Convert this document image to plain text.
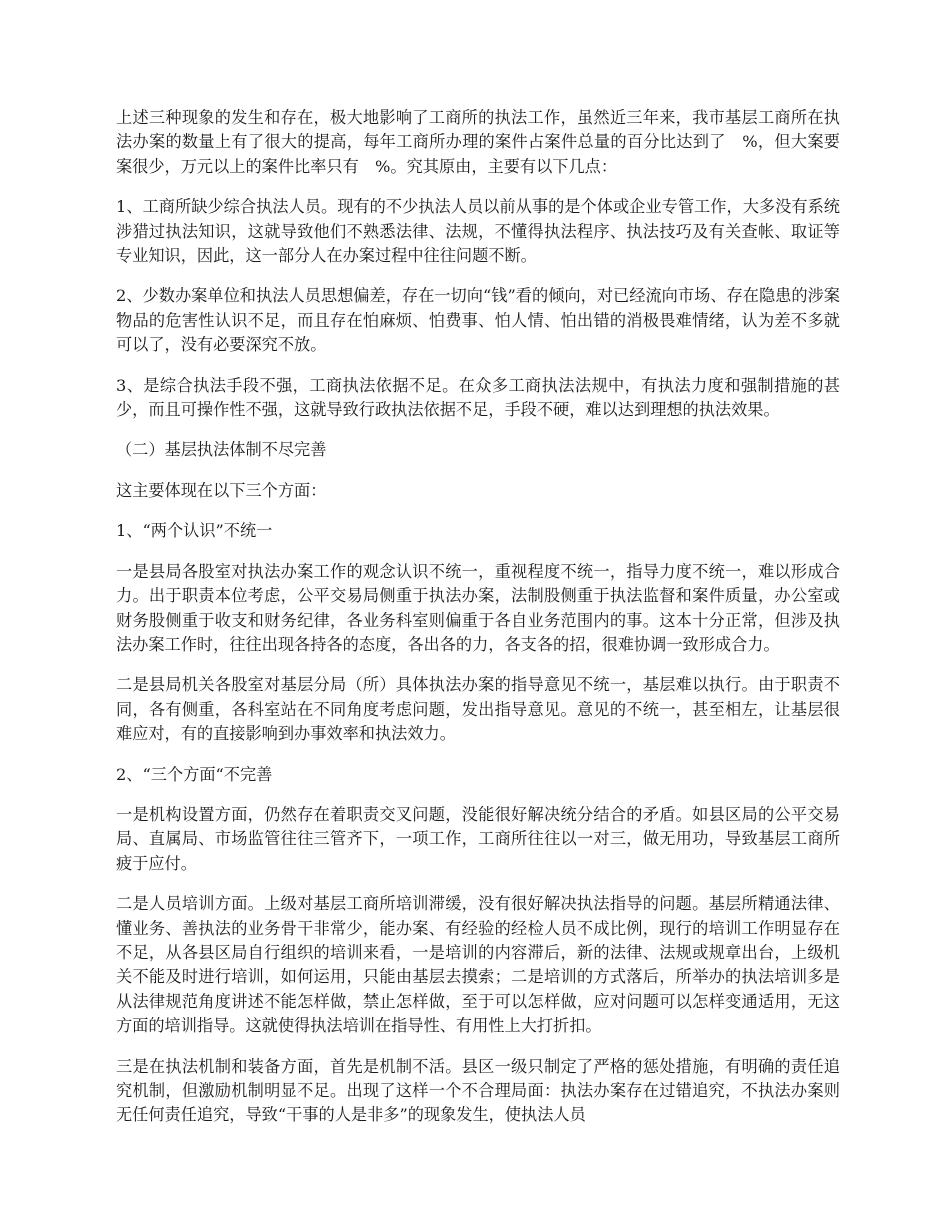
上述三种现象的发生和存在，极大地影响了工商所的执法工作，虽然近三年来，我市基层工商所在执法办案的数量上有了很大的提高，每年工商所办理的案件占案件总量的百分比达到了　%，但大案要案很少，万元以上的案件比率只有　%。究其原由，主要有以下几点：

1、工商所缺少综合执法人员。现有的不少执法人员以前从事的是个体或企业专管工作，大多没有系统涉猎过执法知识，这就导致他们不熟悉法律、法规，不懂得执法程序、执法技巧及有关查帐、取证等专业知识，因此，这一部分人在办案过程中往往问题不断。

2、少数办案单位和执法人员思想偏差，存在一切向“钱”看的倾向，对已经流向市场、存在隐患的涉案物品的危害性认识不足，而且存在怕麻烦、怕费事、怕人情、怕出错的消极畏难情绪，认为差不多就可以了，没有必要深究不放。

3、是综合执法手段不强，工商执法依据不足。在众多工商执法法规中，有执法力度和强制措施的甚少，而且可操作性不强，这就导致行政执法依据不足，手段不硬，难以达到理想的执法效果。

（二）基层执法体制不尽完善

这主要体现在以下三个方面：

1、“两个认识”不统一

一是县局各股室对执法办案工作的观念认识不统一，重视程度不统一，指导力度不统一，难以形成合力。出于职责本位考虑，公平交易局侧重于执法办案，法制股侧重于执法监督和案件质量，办公室或财务股侧重于收支和财务纪律，各业务科室则偏重于各自业务范围内的事。这本十分正常，但涉及执法办案工作时，往往出现各持各的态度，各出各的力，各支各的招，很难协调一致形成合力。

二是县局机关各股室对基层分局（所）具体执法办案的指导意见不统一，基层难以执行。由于职责不同，各有侧重，各科室站在不同角度考虑问题，发出指导意见。意见的不统一，甚至相左，让基层很难应对，有的直接影响到办事效率和执法效力。

2、“三个方面“不完善

一是机构设置方面，仍然存在着职责交叉问题，没能很好解决统分结合的矛盾。如县区局的公平交易局、直属局、市场监管往往三管齐下，一项工作，工商所往往以一对三，做无用功，导致基层工商所疲于应付。

二是人员培训方面。上级对基层工商所培训滞缓，没有很好解决执法指导的问题。基层所精通法律、懂业务、善执法的业务骨干非常少，能办案、有经验的经检人员不成比例，现行的培训工作明显存在不足，从各县区局自行组织的培训来看，一是培训的内容滞后，新的法律、法规或规章出台，上级机关不能及时进行培训，如何运用，只能由基层去摸索；二是培训的方式落后，所举办的执法培训多是从法律规范角度讲述不能怎样做，禁止怎样做，至于可以怎样做，应对问题可以怎样变通适用，无这方面的培训指导。这就使得执法培训在指导性、有用性上大打折扣。

三是在执法机制和装备方面，首先是机制不活。县区一级只制定了严格的惩处措施，有明确的责任追究机制，但激励机制明显不足。出现了这样一个不合理局面：执法办案存在过错追究，不执法办案则无任何责任追究，导致“干事的人是非多”的现象发生，使执法人员
